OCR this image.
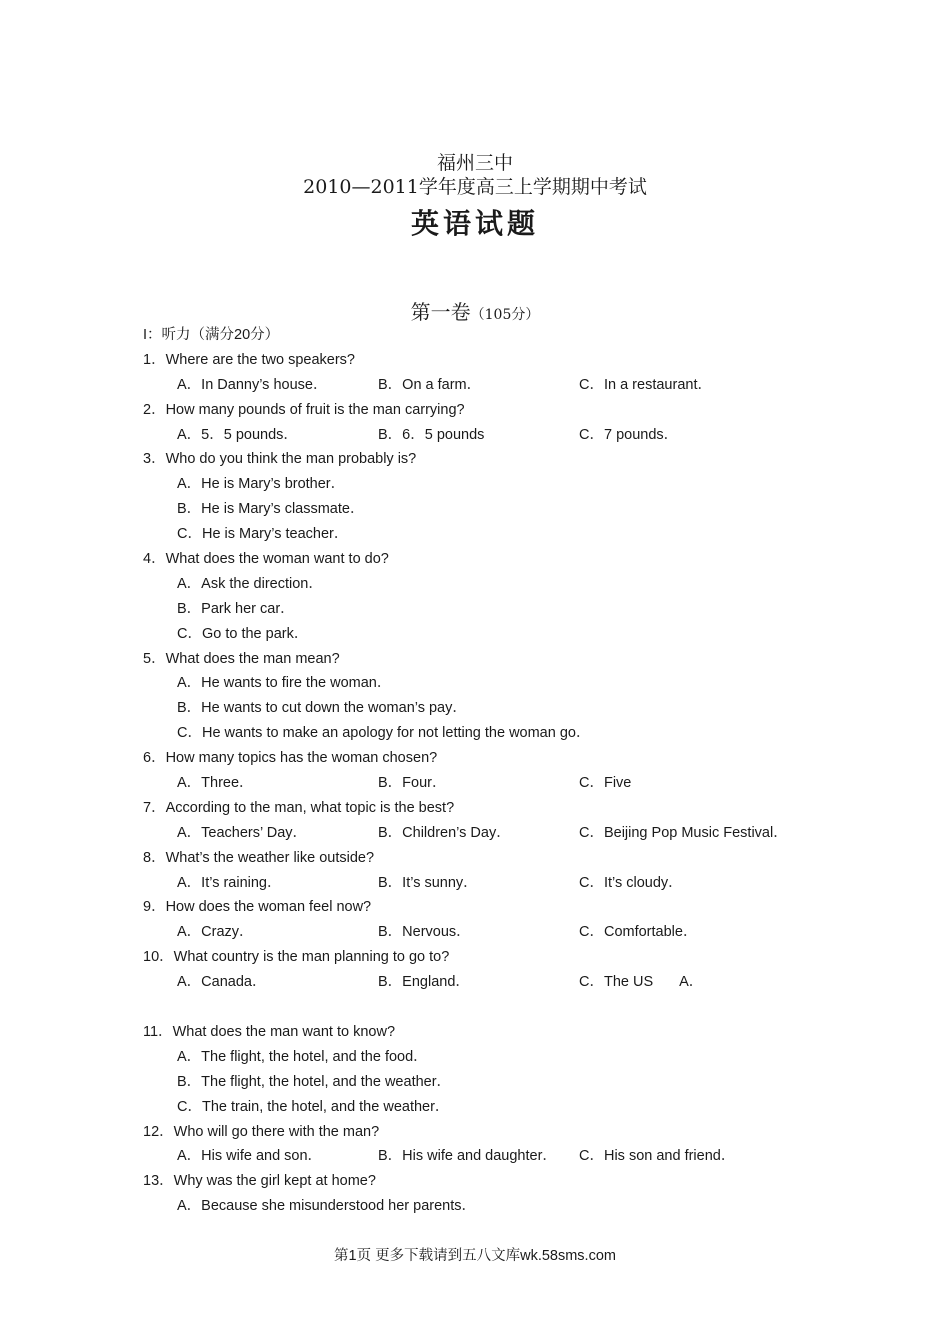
福州三中
2010—2011学年度高三上学期期中考试
英语试题
第一卷（105分）
I：听力（满分20分）
1．Where are the two speakers?
A．In Danny’s house．	B．On a farm．	C．In a restaurant．
2．How many pounds of fruit is the man carrying?
A．5．5 pounds．	B．6．5 pounds	C．7 pounds．
3．Who do you think the man probably is?
A．He is Mary’s brother．
B．He is Mary’s classmate．
C．He is Mary’s teacher．
4．What does the woman want to do?
A．Ask the direction．
B．Park her car．
C．Go to the park．
5．What does the man mean?
A．He wants to fire the woman．
B．He wants to cut down the woman’s pay．
C．He wants to make an apology for not letting the woman go．
6．How many topics has the woman chosen?
A．Three．	B．Four．	C．Five
7．According to the man, what topic is the best?
A．Teachers’ Day．	B．Children’s Day．	C．Beijing Pop Music Festival．
8．What’s the weather like outside?
A．It’s raining．	B．It’s sunny．	C．It’s cloudy．
9．How does the woman feel now?
A．Crazy．	B．Nervous．	C．Comfortable．
10．What country is the man planning to go to?
A．Canada．	B．England．	C．The US A．
11．What does the man want to know?
A．The flight, the hotel, and the food．
B．The flight, the hotel, and the weather．
C．The train, the hotel, and the weather．
12．Who will go there with the man?
A．His wife and son．	B．His wife and daughter． C．His son and friend．
13．Why was the girl kept at home?
A．Because she misunderstood her parents．
第1页 更多下载请到五八文库wk.58sms.com
